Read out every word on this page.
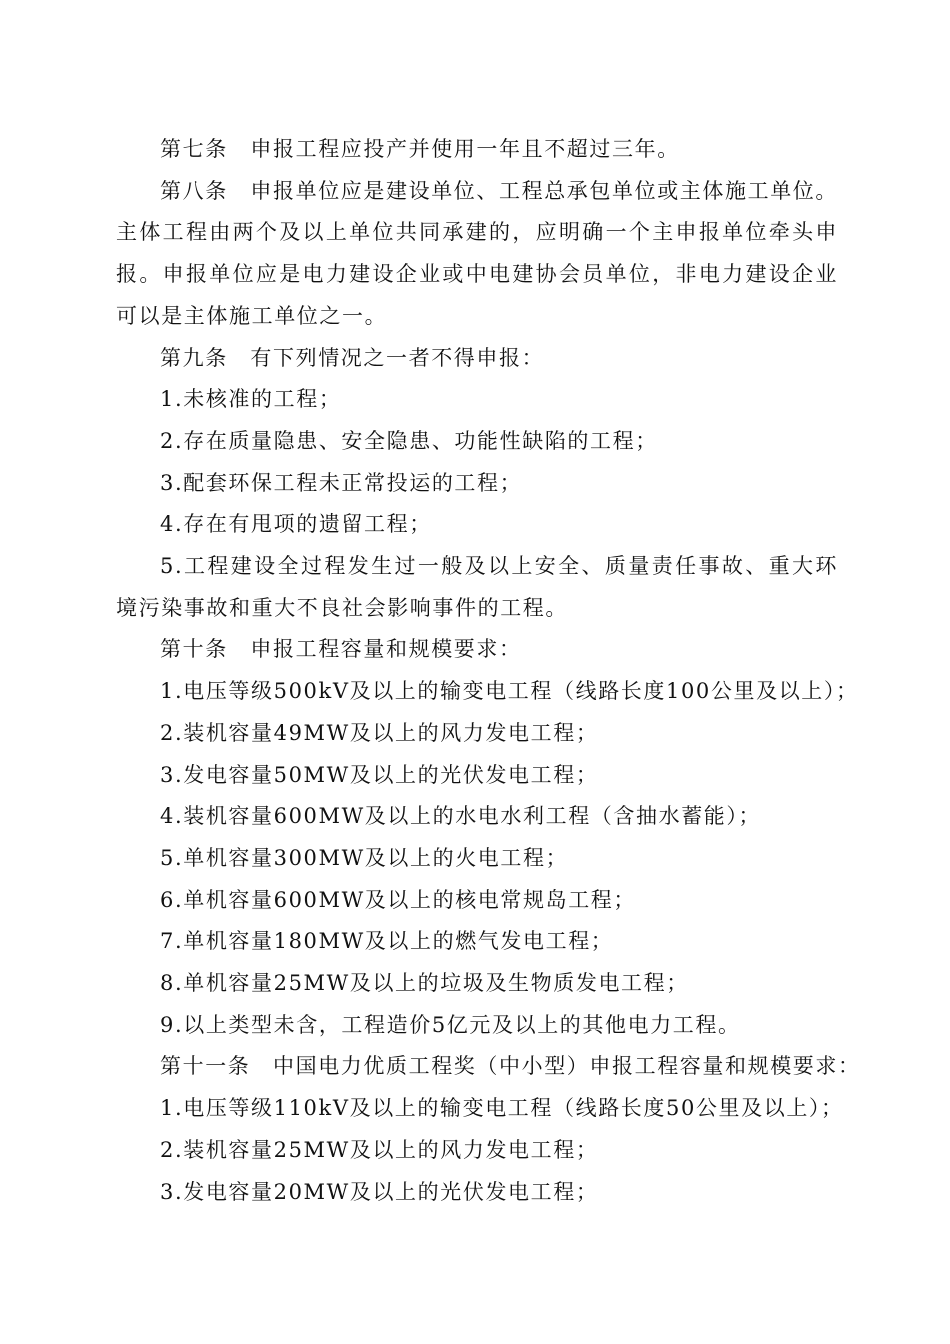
第七条　申报工程应投产并使用一年且不超过三年。

第八条　申报单位应是建设单位、工程总承包单位或主体施工单位。主体工程由两个及以上单位共同承建的，应明确一个主申报单位牵头申报。申报单位应是电力建设企业或中电建协会员单位，非电力建设企业可以是主体施工单位之一。

第九条　有下列情况之一者不得申报：

1.未核准的工程；

2.存在质量隐患、安全隐患、功能性缺陷的工程；

3.配套环保工程未正常投运的工程；

4.存在有甩项的遗留工程；

5.工程建设全过程发生过一般及以上安全、质量责任事故、重大环境污染事故和重大不良社会影响事件的工程。

第十条　申报工程容量和规模要求：

1.电压等级500kV及以上的输变电工程（线路长度100公里及以上）；

2.装机容量49MW及以上的风力发电工程；

3.发电容量50MW及以上的光伏发电工程；

4.装机容量600MW及以上的水电水利工程（含抽水蓄能）；

5.单机容量300MW及以上的火电工程；

6.单机容量600MW及以上的核电常规岛工程；

7.单机容量180MW及以上的燃气发电工程；

8.单机容量25MW及以上的垃圾及生物质发电工程；

9.以上类型未含，工程造价5亿元及以上的其他电力工程。

第十一条　中国电力优质工程奖（中小型）申报工程容量和规模要求：

1.电压等级110kV及以上的输变电工程（线路长度50公里及以上）；

2.装机容量25MW及以上的风力发电工程；

3.发电容量20MW及以上的光伏发电工程；
